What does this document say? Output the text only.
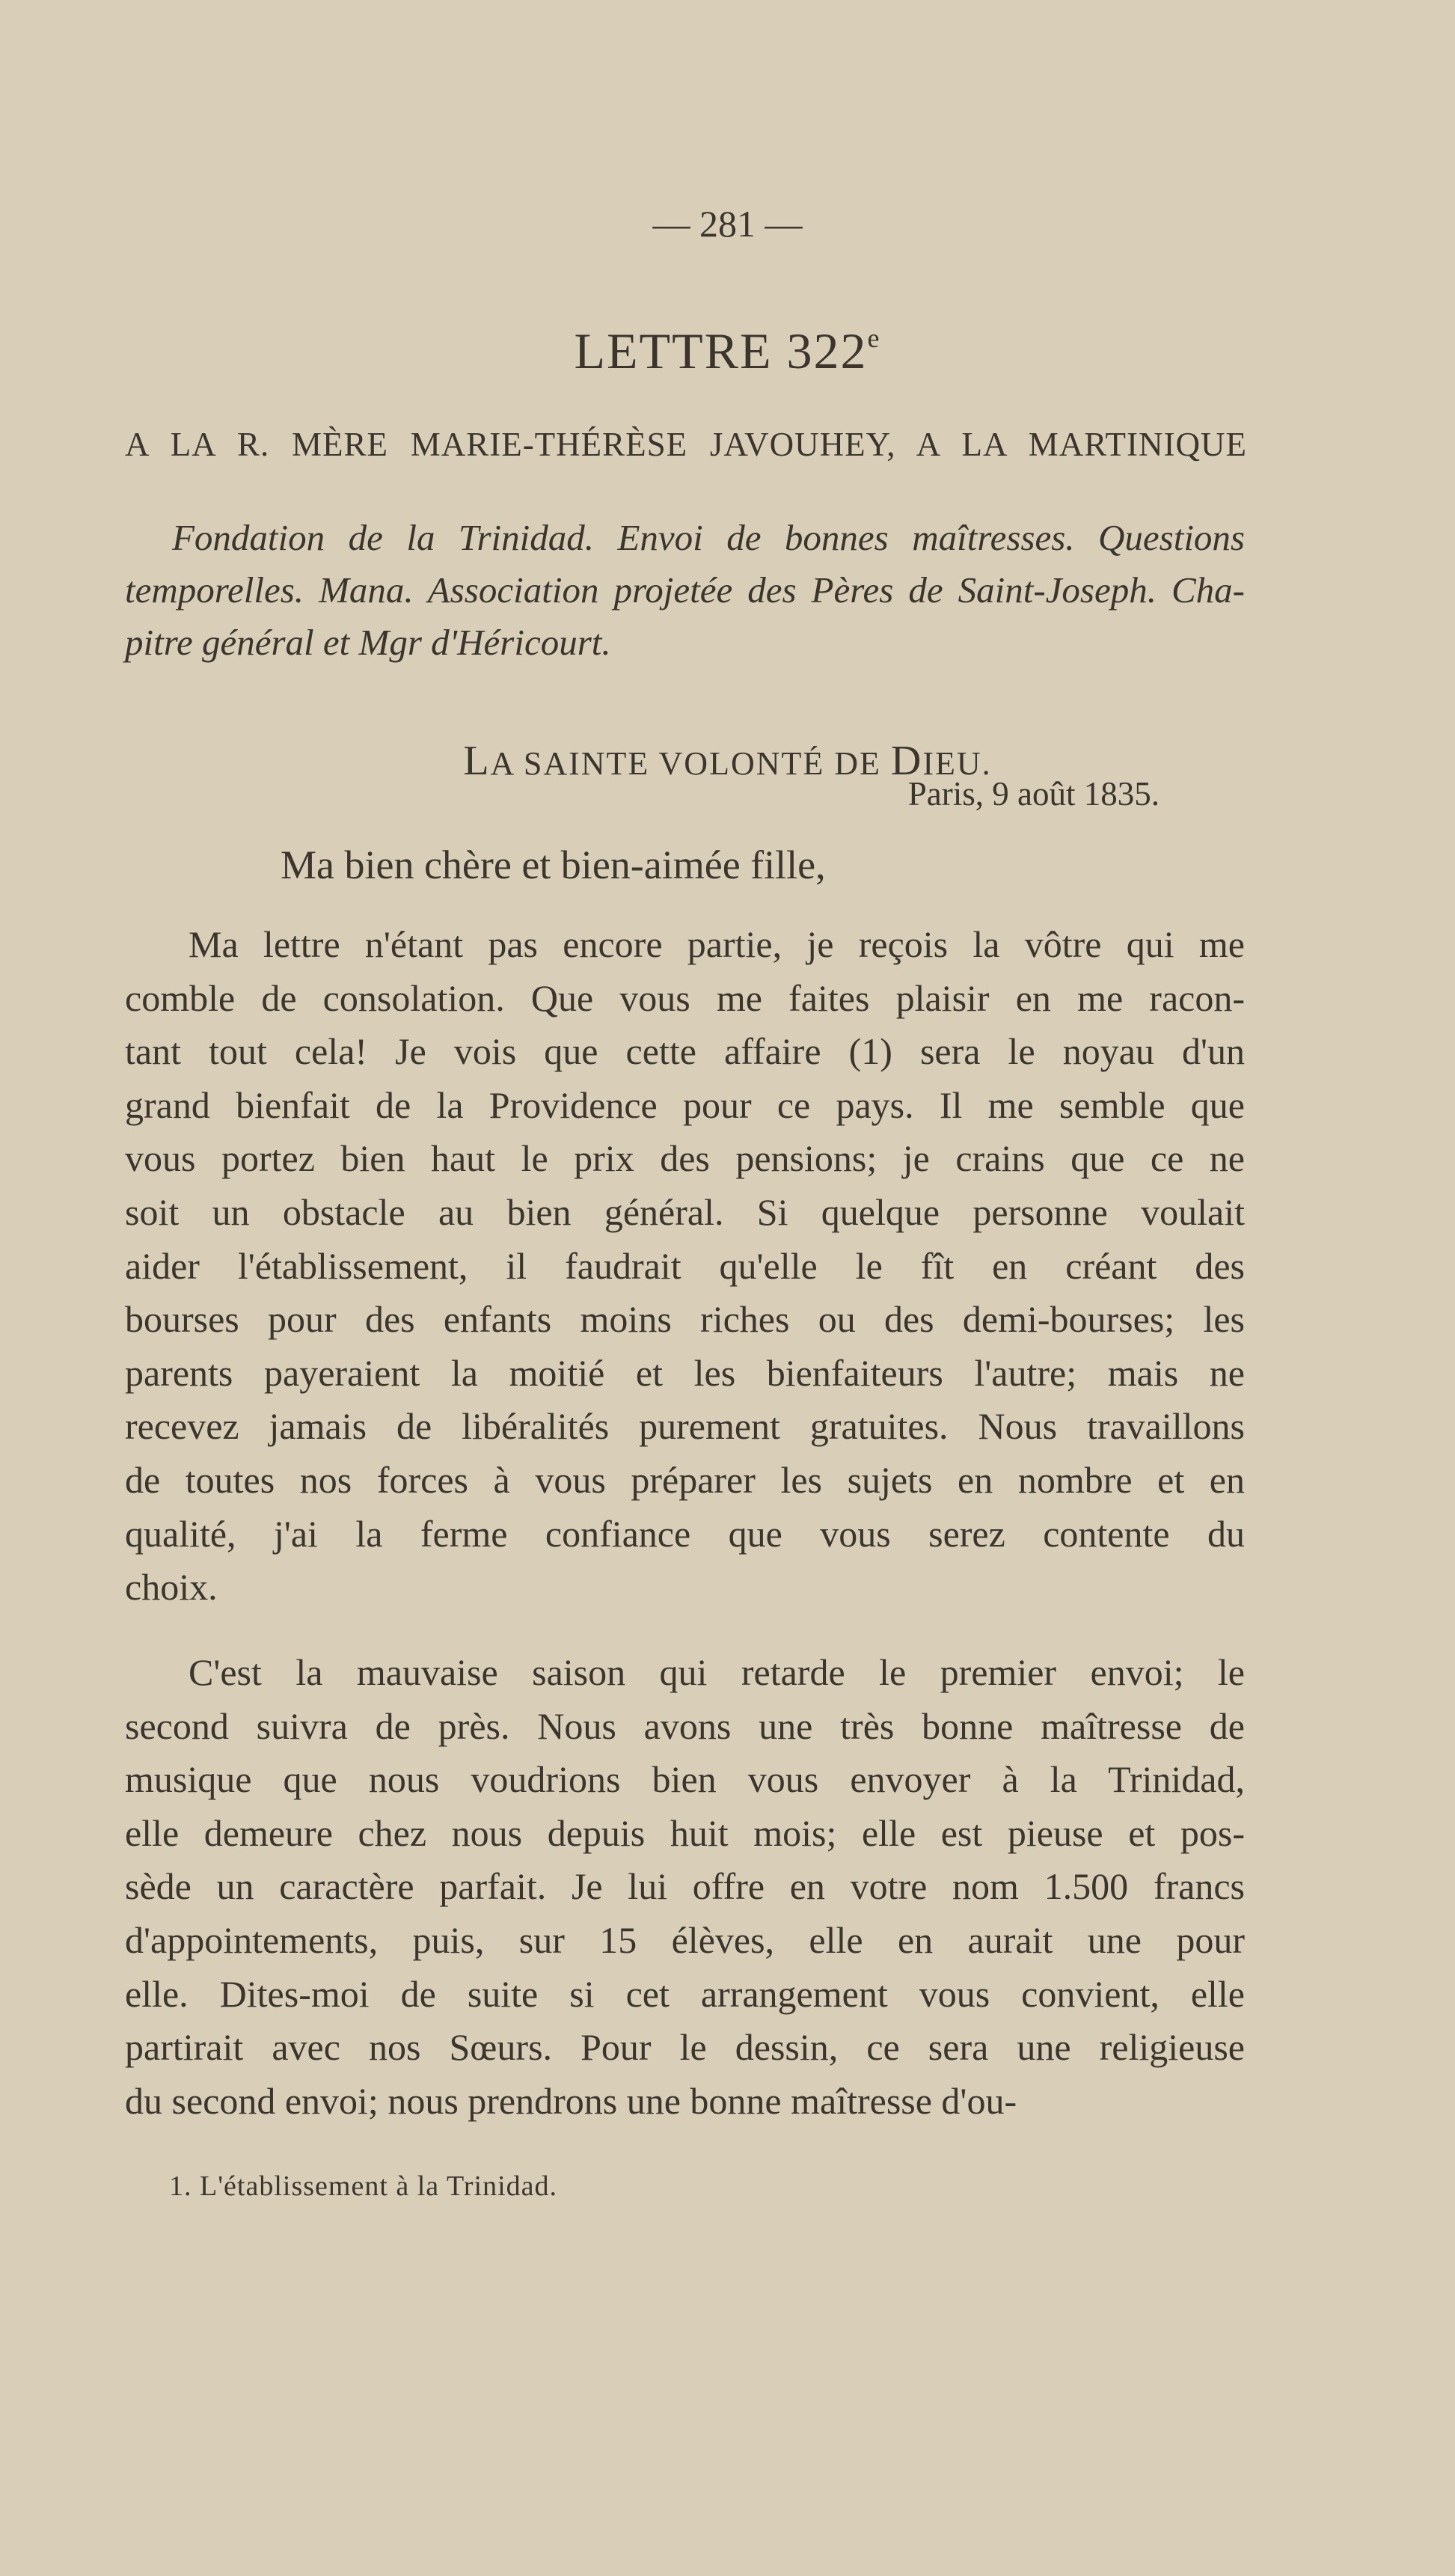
— 281 —
LETTRE 322e
A LA R. MÈRE MARIE-THÉRÈSE JAVOUHEY, A LA MARTINIQUE
Fondation de la Trinidad. Envoi de bonnes maîtresses. Questions
temporelles. Mana. Association projetée des Pères de Saint-Joseph. Cha-
pitre général et Mgr d'Héricourt.
LA SAINTE VOLONTÉ DE DIEU.
Paris, 9 août 1835.
Ma bien chère et bien-aimée fille,
Ma lettre n'étant pas encore partie, je reçois la vôtre qui me
comble de consolation. Que vous me faites plaisir en me racon-
tant tout cela! Je vois que cette affaire (1) sera le noyau d'un
grand bienfait de la Providence pour ce pays. Il me semble que
vous portez bien haut le prix des pensions; je crains que ce ne
soit un obstacle au bien général. Si quelque personne voulait
aider l'établissement, il faudrait qu'elle le fît en créant des
bourses pour des enfants moins riches ou des demi-bourses; les
parents payeraient la moitié et les bienfaiteurs l'autre; mais ne
recevez jamais de libéralités purement gratuites. Nous travaillons
de toutes nos forces à vous préparer les sujets en nombre et en
qualité, j'ai la ferme confiance que vous serez contente du
choix.
C'est la mauvaise saison qui retarde le premier envoi; le
second suivra de près. Nous avons une très bonne maîtresse de
musique que nous voudrions bien vous envoyer à la Trinidad,
elle demeure chez nous depuis huit mois; elle est pieuse et pos-
sède un caractère parfait. Je lui offre en votre nom 1.500 francs
d'appointements, puis, sur 15 élèves, elle en aurait une pour
elle. Dites-moi de suite si cet arrangement vous convient, elle
partirait avec nos Sœurs. Pour le dessin, ce sera une religieuse
du second envoi; nous prendrons une bonne maîtresse d'ou-
1. L'établissement à la Trinidad.
